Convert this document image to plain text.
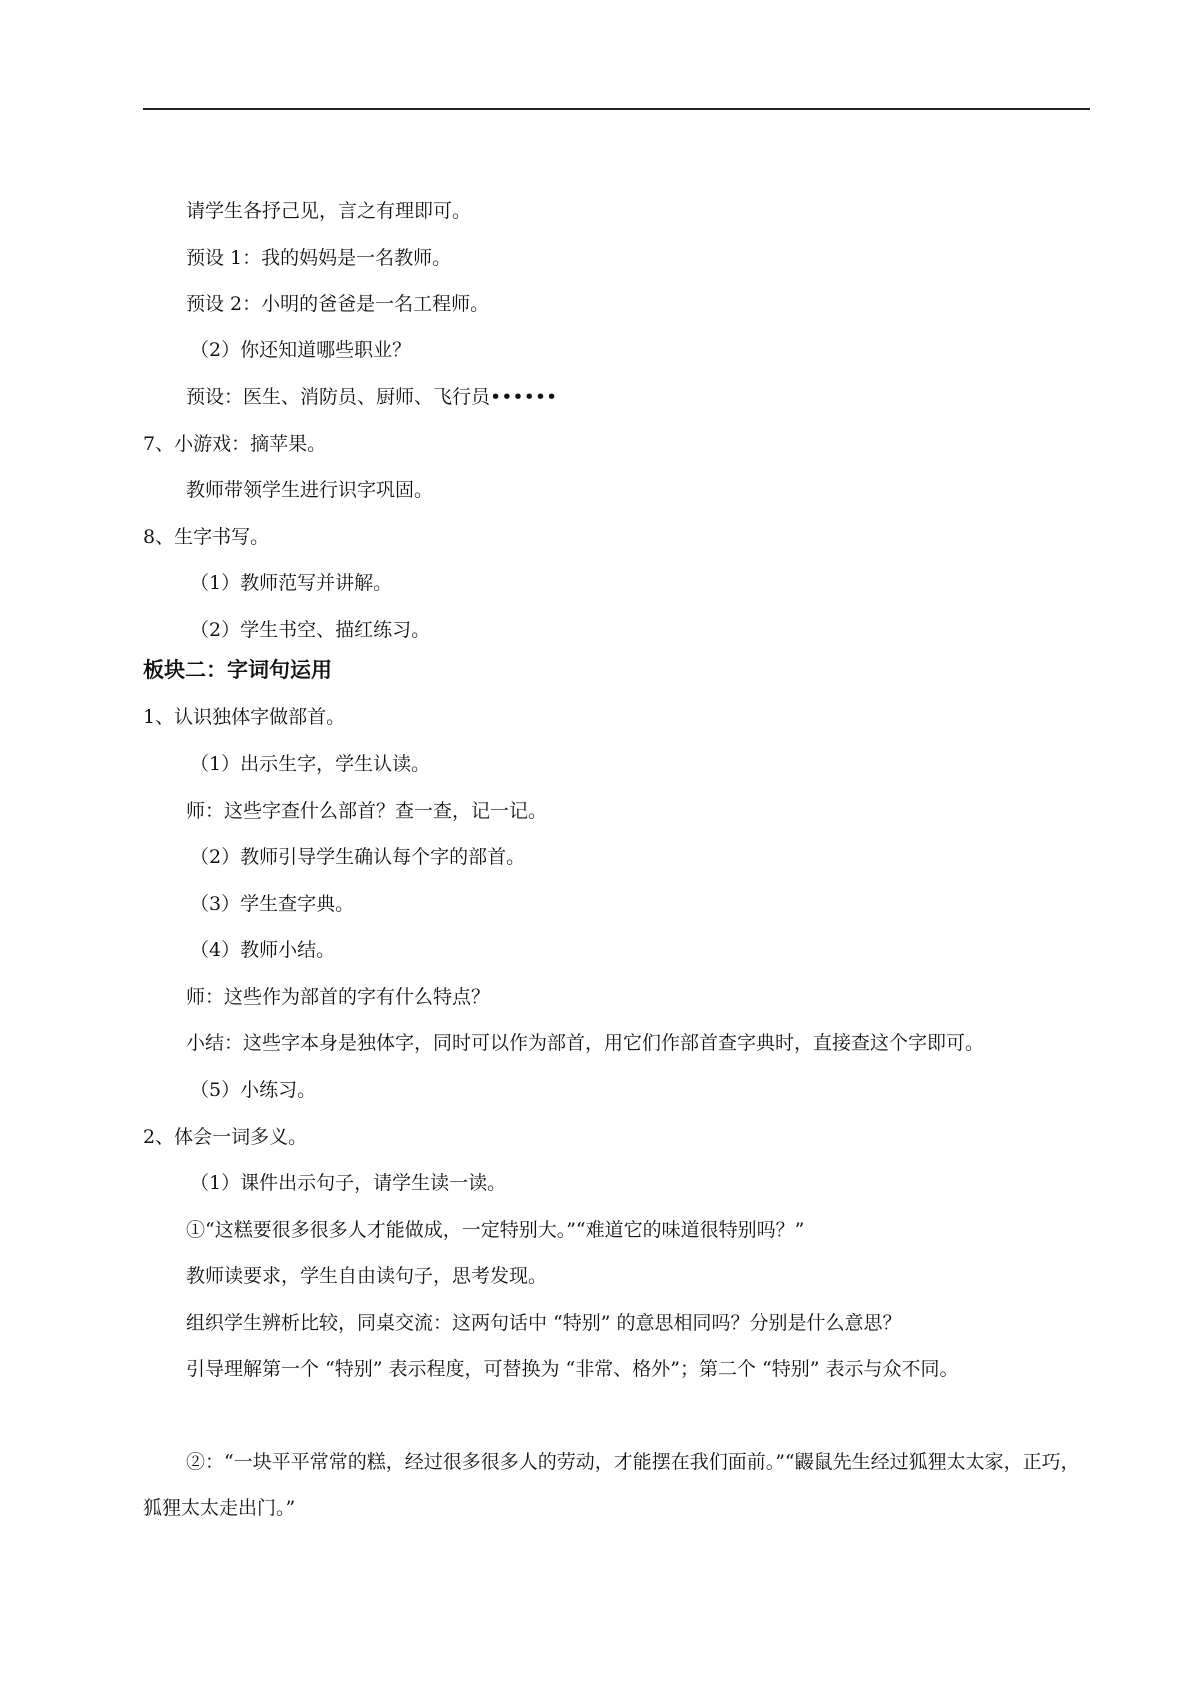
请学生各抒己见，言之有理即可。
预设 1：我的妈妈是一名教师。
预设 2：小明的爸爸是一名工程师。
（2）你还知道哪些职业？
预设：医生、消防员、厨师、飞行员••••••
7、小游戏：摘苹果。
教师带领学生进行识字巩固。
8、生字书写。
（1）教师范写并讲解。
（2）学生书空、描红练习。
板块二：字词句运用
1、认识独体字做部首。
（1）出示生字，学生认读。
师：这些字查什么部首？查一查，记一记。
（2）教师引导学生确认每个字的部首。
（3）学生查字典。
（4）教师小结。
师：这些作为部首的字有什么特点？
小结：这些字本身是独体字，同时可以作为部首，用它们作部首查字典时，直接查这个字即可。
（5）小练习。
2、体会一词多义。
（1）课件出示句子，请学生读一读。
①“这糕要很多很多人才能做成，一定特别大。”“难道它的味道很特别吗？”
教师读要求，学生自由读句子，思考发现。
组织学生辨析比较，同桌交流：这两句话中 “特别” 的意思相同吗？分别是什么意思？
引导理解第一个 “特别” 表示程度，可替换为 “非常、格外”；第二个 “特别” 表示与众不同。
②：“一块平平常常的糕，经过很多很多人的劳动，才能摆在我们面前。”“鼹鼠先生经过狐狸太太家，正巧，狐狸太太走出门。”
